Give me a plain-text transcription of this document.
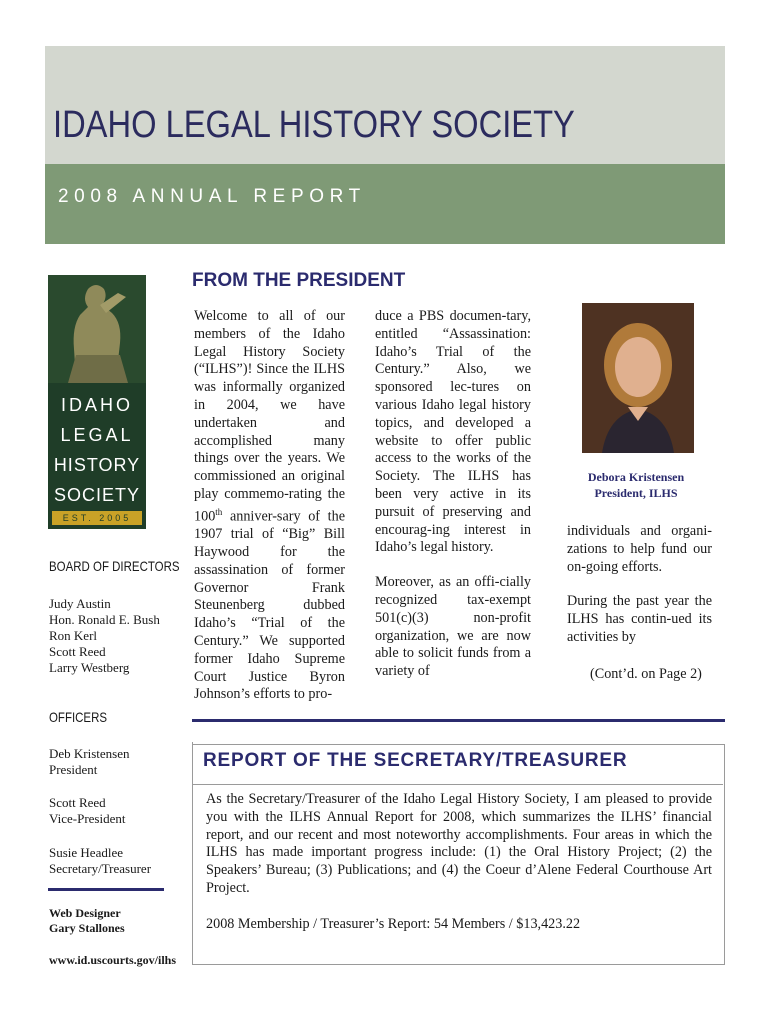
IDAHO LEGAL HISTORY SOCIETY
2008 ANNUAL REPORT
IDAHO
LEGAL
HISTORY
SOCIETY
EST. 2005
BOARD OF DIRECTORS
Judy Austin
Hon. Ronald E. Bush
Ron Kerl
Scott Reed
Larry Westberg
OFFICERS
Deb Kristensen
President
Scott Reed
Vice-President
Susie Headlee
Secretary/Treasurer
Web Designer
Gary Stallones
www.id.uscourts.gov/ilhs
FROM THE PRESIDENT
Welcome to all of our members of the Idaho Legal History Society (“ILHS”)! Since the ILHS was informally organized in 2004, we have undertaken and accomplished many things over the years. We commissioned an original play commemo-rating the 100th anniver-sary of the 1907 trial of “Big” Bill Haywood for the assassination of former Governor Frank Steunenberg dubbed Idaho’s “Trial of the Century.” We supported former Idaho Supreme Court Justice Byron Johnson’s efforts to pro-
duce a PBS documen-tary, entitled “Assassination: Idaho’s Trial of the Century.” Also, we sponsored lec-tures on various Idaho legal history topics, and developed a website to offer public access to the works of the Society. The ILHS has been very active in its pursuit of preserving and encourag-ing interest in Idaho’s legal history.
Moreover, as an offi-cially recognized tax-exempt 501(c)(3) non-profit organization, we are now able to solicit funds from a variety of
Debora Kristensen
President, ILHS
individuals and organi-zations to help fund our on-going efforts.
During the past year the ILHS has contin-ued its activities by
(Cont’d. on Page 2)
REPORT OF THE SECRETARY/TREASURER
As the Secretary/Treasurer of the Idaho Legal History Society, I am pleased to provide you with the ILHS Annual Report for 2008, which summarizes the ILHS’ financial report, and our recent and most noteworthy accomplishments. Four areas in which the ILHS has made important progress include: (1) the Oral History Project; (2) the Speakers’ Bureau; (3) Publications; and (4) the Coeur d’Alene Federal Courthouse Art Project.
2008 Membership / Treasurer’s Report: 54 Members / $13,423.22
